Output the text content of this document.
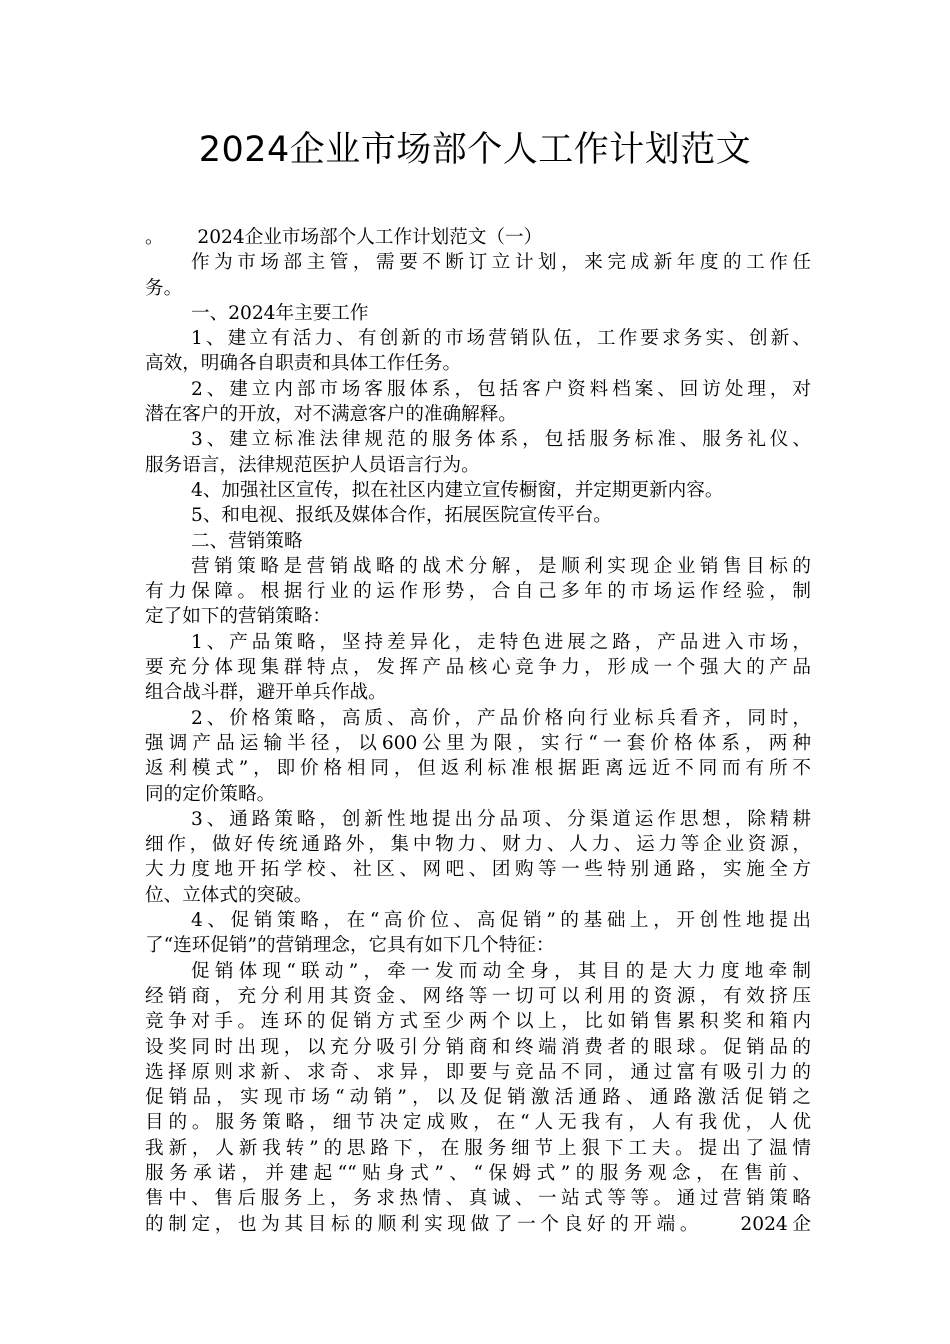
2024企业市场部个人工作计划范文
。　　 2024企业市场部个人工作计划范文（一）
作为市场部主管，需要不断订立计划，来完成新年度的工作任
务。
一、2024年主要工作
1、建立有活力、有创新的市场营销队伍，工作要求务实、创新、
高效，明确各自职责和具体工作任务。
2、建立内部市场客服体系，包括客户资料档案、回访处理，对
潜在客户的开放，对不满意客户的准确解释。
3、建立标准法律规范的服务体系，包括服务标准、服务礼仪、
服务语言，法律规范医护人员语言行为。
4、加强社区宣传，拟在社区内建立宣传橱窗，并定期更新内容。
5、和电视、报纸及媒体合作，拓展医院宣传平台。
二、营销策略
营销策略是营销战略的战术分解，是顺利实现企业销售目标的
有力保障。根据行业的运作形势，合自己多年的市场运作经验，制
定了如下的营销策略：
1、产品策略，坚持差异化，走特色进展之路，产品进入市场，
要充分体现集群特点，发挥产品核心竞争力，形成一个强大的产品
组合战斗群，避开单兵作战。
2、价格策略，高质、高价，产品价格向行业标兵看齐，同时，
强调产品运输半径，以600公里为限，实行“一套价格体系，两种
返利模式”，即价格相同，但返利标准根据距离远近不同而有所不
同的定价策略。
3、通路策略，创新性地提出分品项、分渠道运作思想，除精耕
细作，做好传统通路外，集中物力、财力、人力、运力等企业资源，
大力度地开拓学校、社区、网吧、团购等一些特别通路，实施全方
位、立体式的突破。
4、促销策略，在“高价位、高促销”的基础上，开创性地提出
了“连环促销”的营销理念，它具有如下几个特征：
促销体现“联动”，牵一发而动全身，其目的是大力度地牵制
经销商，充分利用其资金、网络等一切可以利用的资源，有效挤压
竞争对手。连环的促销方式至少两个以上，比如销售累积奖和箱内
设奖同时出现，以充分吸引分销商和终端消费者的眼球。促销品的
选择原则求新、求奇、求异，即要与竞品不同，通过富有吸引力的
促销品，实现市场“动销”，以及促销激活通路、通路激活促销之
目的。服务策略，细节决定成败，在“人无我有，人有我优，人优
我新，人新我转”的思路下，在服务细节上狠下工夫。提出了温情
服务承诺，并建起““贴身式”、“保姆式”的服务观念，在售前、
售中、售后服务上，务求热情、真诚、一站式等等。通过营销策略
的制定，也为其目标的顺利实现做了一个良好的开端。　　2024企
